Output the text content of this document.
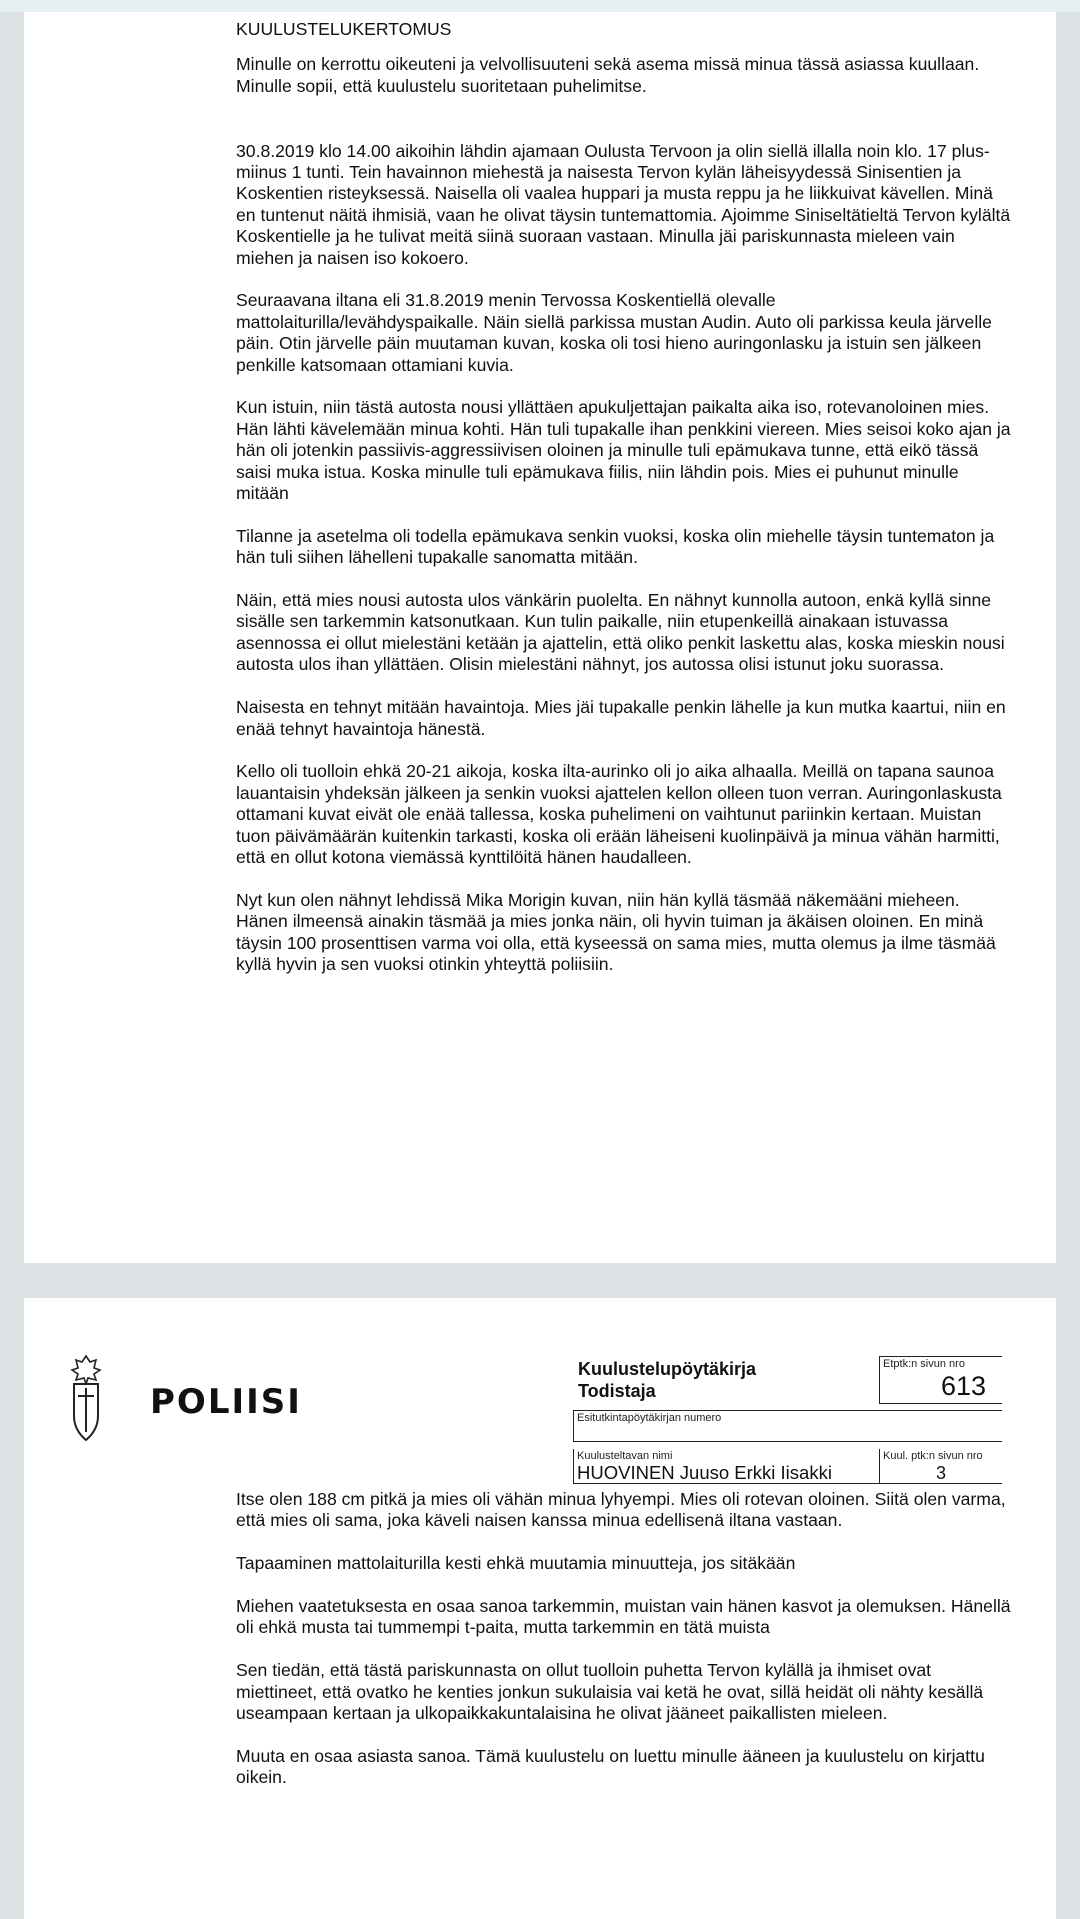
KUULUSTELUKERTOMUS

Minulle on kerrottu oikeuteni ja velvollisuuteni sekä asema missä minua tässä asiassa kuullaan. Minulle sopii, että kuulustelu suoritetaan puhelimitse.

30.8.2019 klo 14.00 aikoihin lähdin ajamaan Oulusta Tervoon ja olin siellä illalla noin klo. 17 plus-miinus 1 tunti. Tein havainnon miehestä ja naisesta Tervon kylän läheisyydessä Sinisentien ja Koskentien risteyksessä. Naisella oli vaalea huppari ja musta reppu ja he liikkuivat kävellen. Minä en tuntenut näitä ihmisiä, vaan he olivat täysin tuntemattomia. Ajoimme Siniseltätieltä Tervon kylältä Koskentielle ja he tulivat meitä siinä suoraan vastaan. Minulla jäi pariskunnasta mieleen vain miehen ja naisen iso kokoero.

Seuraavana iltana eli 31.8.2019 menin Tervossa Koskentiellä olevalle mattolaiturilla/levähdyspaikalle. Näin siellä parkissa mustan Audin. Auto oli parkissa keula järvelle päin. Otin järvelle päin muutaman kuvan, koska oli tosi hieno auringonlasku ja istuin sen jälkeen penkille katsomaan ottamiani kuvia.

Kun istuin, niin tästä autosta nousi yllättäen apukuljettajan paikalta aika iso, rotevanoloinen mies. Hän lähti kävelemään minua kohti. Hän tuli tupakalle ihan penkkini viereen. Mies seisoi koko ajan ja hän oli jotenkin passiivis-aggressiivisen oloinen ja minulle tuli epämukava tunne, että eikö tässä saisi muka istua. Koska minulle tuli epämukava fiilis, niin lähdin pois. Mies ei puhunut minulle mitään

Tilanne ja asetelma oli todella epämukava senkin vuoksi, koska olin miehelle täysin tuntematon ja hän tuli siihen lähelleni tupakalle sanomatta mitään.

Näin, että mies nousi autosta ulos vänkärin puolelta. En nähnyt kunnolla autoon, enkä kyllä sinne sisälle sen tarkemmin katsonutkaan. Kun tulin paikalle, niin etupenkeillä ainakaan istuvassa asennossa ei ollut mielestäni ketään ja ajattelin, että oliko penkit laskettu alas, koska mieskin nousi autosta ulos ihan yllättäen. Olisin mielestäni nähnyt, jos autossa olisi istunut joku suorassa.

Naisesta en tehnyt mitään havaintoja. Mies jäi tupakalle penkin lähelle ja kun mutka kaartui, niin en enää tehnyt havaintoja hänestä.

Kello oli tuolloin ehkä 20-21 aikoja, koska ilta-aurinko oli jo aika alhaalla. Meillä on tapana saunoa lauantaisin yhdeksän jälkeen ja senkin vuoksi ajattelen kellon olleen tuon verran. Auringonlaskusta ottamani kuvat eivät ole enää tallessa, koska puhelimeni on vaihtunut pariinkin kertaan. Muistan tuon päivämäärän kuitenkin tarkasti, koska oli erään läheiseni kuolinpäivä ja minua vähän harmitti, että en ollut kotona viemässä kynttilöitä hänen haudalleen.

Nyt kun olen nähnyt lehdissä Mika Morigin kuvan, niin hän kyllä täsmää näkemääni mieheen. Hänen ilmeensä ainakin täsmää ja mies jonka näin, oli hyvin tuiman ja äkäisen oloinen. En minä täysin 100 prosenttisen varma voi olla, että kyseessä on sama mies, mutta olemus ja ilme täsmää kyllä hyvin ja sen vuoksi otinkin yhteyttä poliisiin.

POLIISI
Kuulustelupöytäkirja
Todistaja
Etptk:n sivun nro
613
Esitutkintapöytäkirjan numero
Kuulusteltavan nimi
HUOVINEN Juuso Erkki Iisakki
Kuul. ptk:n sivun nro
3

Itse olen 188 cm pitkä ja mies oli vähän minua lyhyempi. Mies oli rotevan oloinen. Siitä olen varma, että mies oli sama, joka käveli naisen kanssa minua edellisenä iltana vastaan.

Tapaaminen mattolaiturilla kesti ehkä muutamia minuutteja, jos sitäkään

Miehen vaatetuksesta en osaa sanoa tarkemmin, muistan vain hänen kasvot ja olemuksen. Hänellä oli ehkä musta tai tummempi t-paita, mutta tarkemmin en tätä muista

Sen tiedän, että tästä pariskunnasta on ollut tuolloin puhetta Tervon kylällä ja ihmiset ovat miettineet, että ovatko he kenties jonkun sukulaisia vai ketä he ovat, sillä heidät oli nähty kesällä useampaan kertaan ja ulkopaikkakuntalaisina he olivat jääneet paikallisten mieleen.

Muuta en osaa asiasta sanoa. Tämä kuulustelu on luettu minulle ääneen ja kuulustelu on kirjattu oikein.
